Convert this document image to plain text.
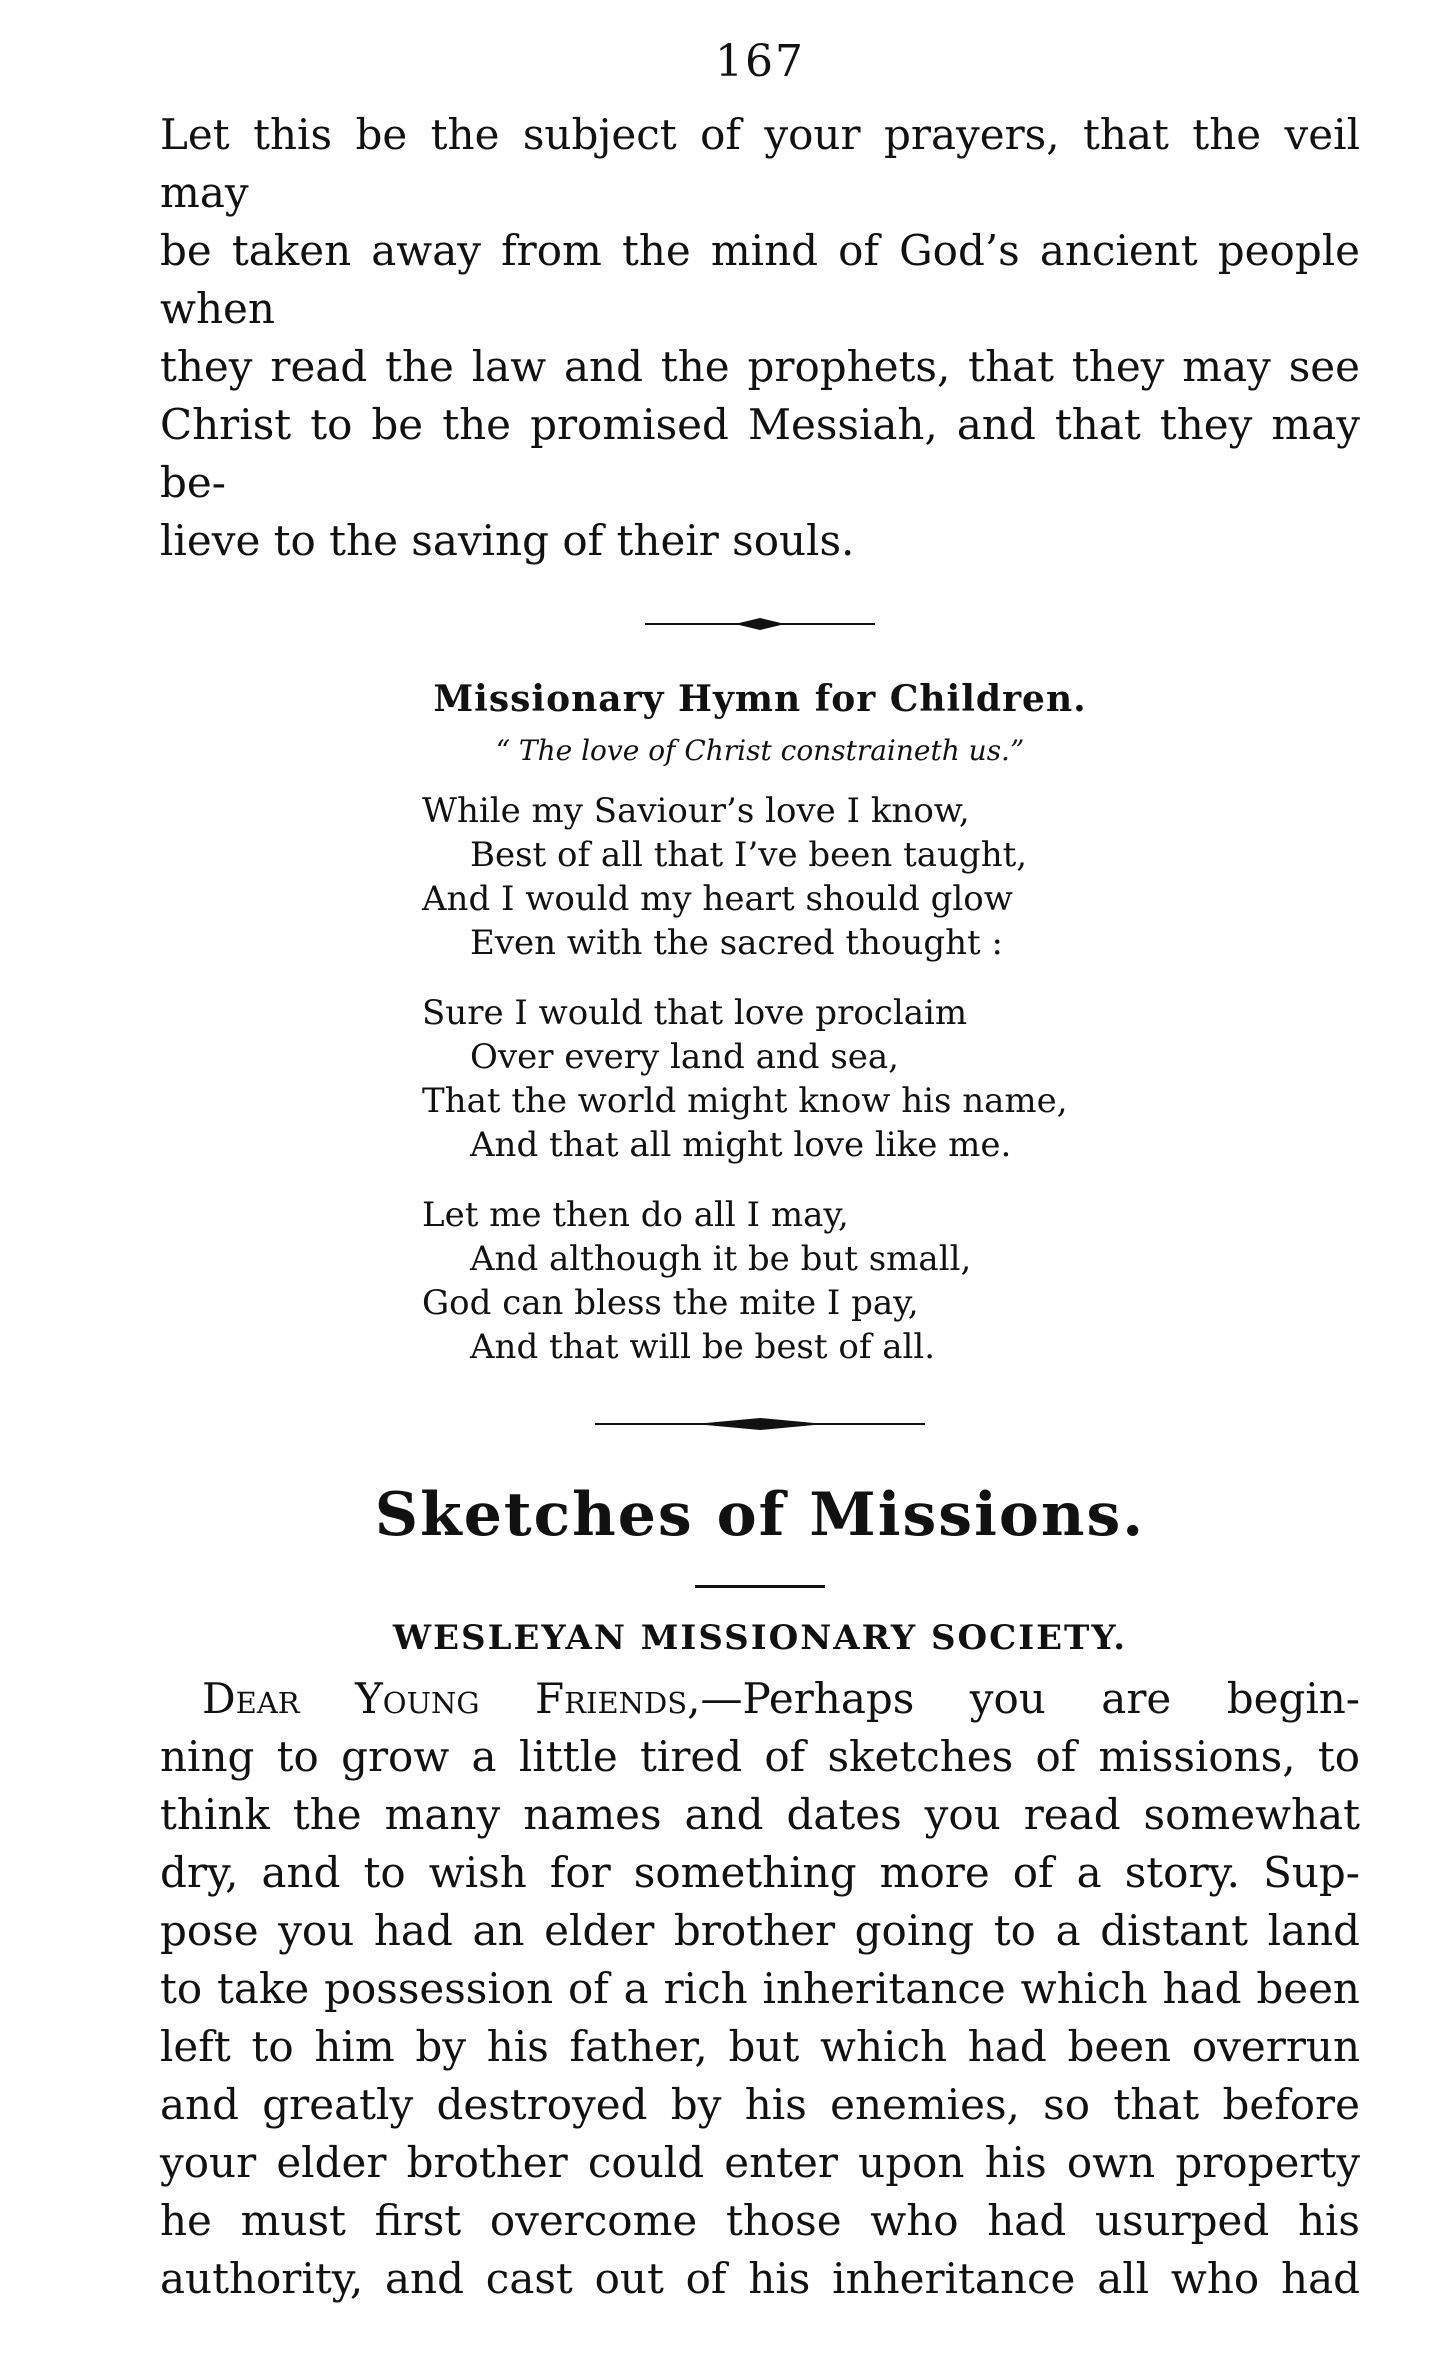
167
Let this be the subject of your prayers, that the veil may
be taken away from the mind of God’s ancient people when
they read the law and the prophets, that they may see
Christ to be the promised Messiah, and that they may be-
lieve to the saving of their souls.
Missionary Hymn for Children.
“ The love of Christ constraineth us.”
While my Saviour’s love I know,
Best of all that I’ve been taught,
And I would my heart should glow
Even with the sacred thought :
Sure I would that love proclaim
Over every land and sea,
That the world might know his name,
And that all might love like me.
Let me then do all I may,
And although it be but small,
God can bless the mite I pay,
And that will be best of all.
Sketches of Missions.
WESLEYAN MISSIONARY SOCIETY.
Dear Young Friends,—Perhaps you are begin-
ning to grow a little tired of sketches of missions, to
think the many names and dates you read somewhat
dry, and to wish for something more of a story. Sup-
pose you had an elder brother going to a distant land
to take possession of a rich inheritance which had been
left to him by his father, but which had been overrun
and greatly destroyed by his enemies, so that before
your elder brother could enter upon his own property
he must first overcome those who had usurped his
authority, and cast out of his inheritance all who had
